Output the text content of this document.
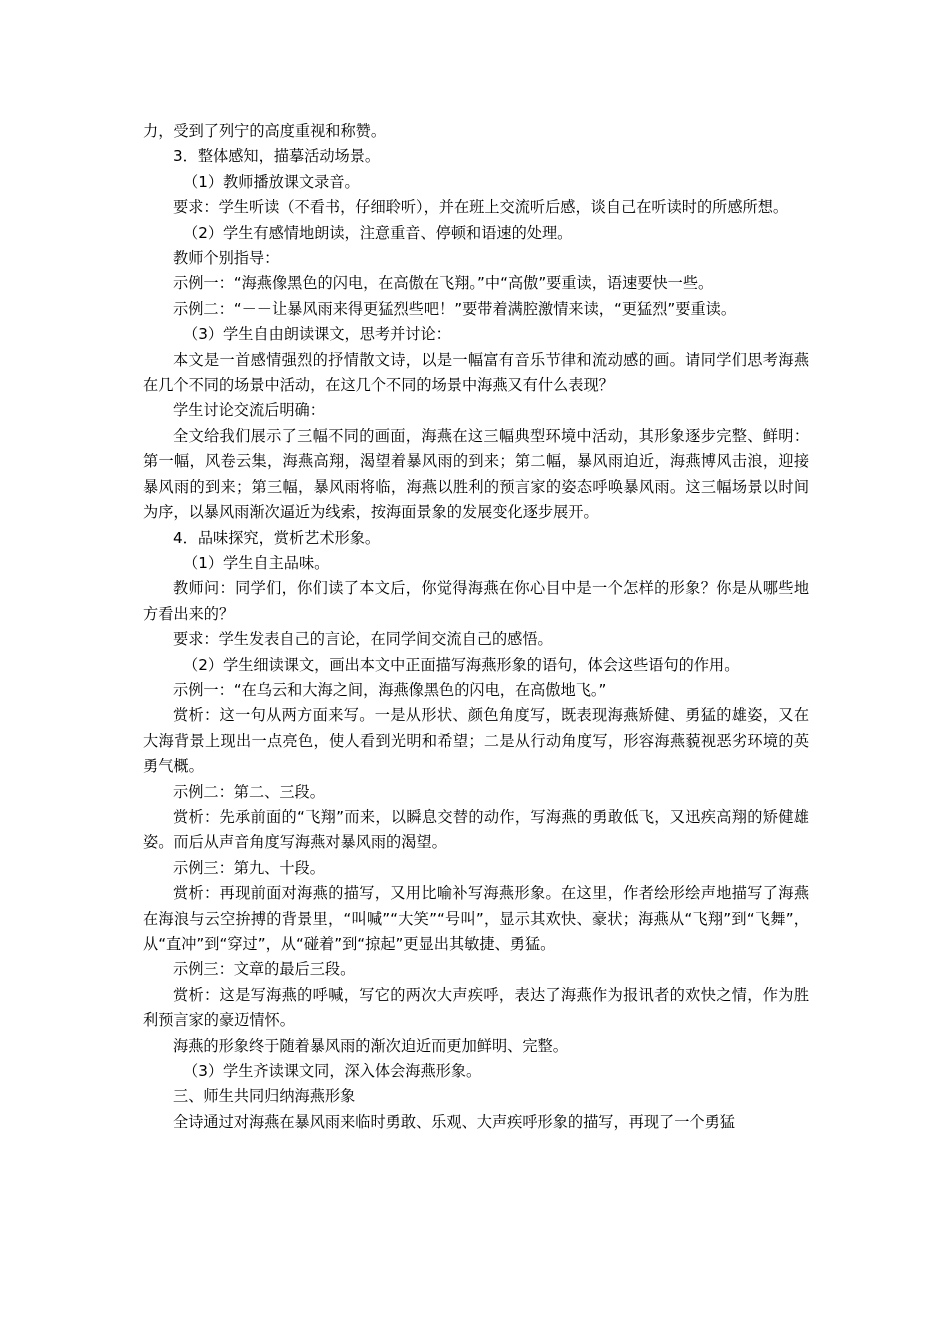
力，受到了列宁的高度重视和称赞。

3．整体感知，描摹活动场景。

（1）教师播放课文录音。

要求：学生听读（不看书，仔细聆听），并在班上交流听后感，谈自己在听读时的所感所想。

（2）学生有感情地朗读，注意重音、停顿和语速的处理。

教师个别指导：

示例一：“海燕像黑色的闪电，在高傲在飞翔。”中“高傲”要重读，语速要快一些。

示例二：“－－让暴风雨来得更猛烈些吧！”要带着满腔激情来读，“更猛烈”要重读。

（3）学生自由朗读课文，思考并讨论：

本文是一首感情强烈的抒情散文诗，以是一幅富有音乐节律和流动感的画。请同学们思考海燕在几个不同的场景中活动，在这几个不同的场景中海燕又有什么表现？

学生讨论交流后明确：

全文给我们展示了三幅不同的画面，海燕在这三幅典型环境中活动，其形象逐步完整、鲜明：第一幅，风卷云集，海燕高翔，渴望着暴风雨的到来；第二幅，暴风雨迫近，海燕博风击浪，迎接暴风雨的到来；第三幅，暴风雨将临，海燕以胜利的预言家的姿态呼唤暴风雨。这三幅场景以时间为序，以暴风雨渐次逼近为线索，按海面景象的发展变化逐步展开。

4．品味探究，赏析艺术形象。

（1）学生自主品味。

教师问：同学们，你们读了本文后，你觉得海燕在你心目中是一个怎样的形象？你是从哪些地方看出来的？

要求：学生发表自己的言论，在同学间交流自己的感悟。

（2）学生细读课文，画出本文中正面描写海燕形象的语句，体会这些语句的作用。

示例一：“在乌云和大海之间，海燕像黑色的闪电，在高傲地飞。”

赏析：这一句从两方面来写。一是从形状、颜色角度写，既表现海燕矫健、勇猛的雄姿，又在大海背景上现出一点亮色，使人看到光明和希望；二是从行动角度写，形容海燕藐视恶劣环境的英勇气概。

示例二：第二、三段。

赏析：先承前面的“飞翔”而来，以瞬息交替的动作，写海燕的勇敢低飞，又迅疾高翔的矫健雄姿。而后从声音角度写海燕对暴风雨的渴望。

示例三：第九、十段。

赏析：再现前面对海燕的描写，又用比喻补写海燕形象。在这里，作者绘形绘声地描写了海燕在海浪与云空拚搏的背景里，“叫喊”“大笑”“号叫”，显示其欢快、豪状；海燕从“飞翔”到“飞舞”，从“直冲”到“穿过”，从“碰着”到“掠起”更显出其敏捷、勇猛。

示例三：文章的最后三段。

赏析：这是写海燕的呼喊，写它的两次大声疾呼，表达了海燕作为报讯者的欢快之情，作为胜利预言家的豪迈情怀。

海燕的形象终于随着暴风雨的渐次迫近而更加鲜明、完整。

（3）学生齐读课文同，深入体会海燕形象。

三、师生共同归纳海燕形象

全诗通过对海燕在暴风雨来临时勇敢、乐观、大声疾呼形象的描写，再现了一个勇猛
